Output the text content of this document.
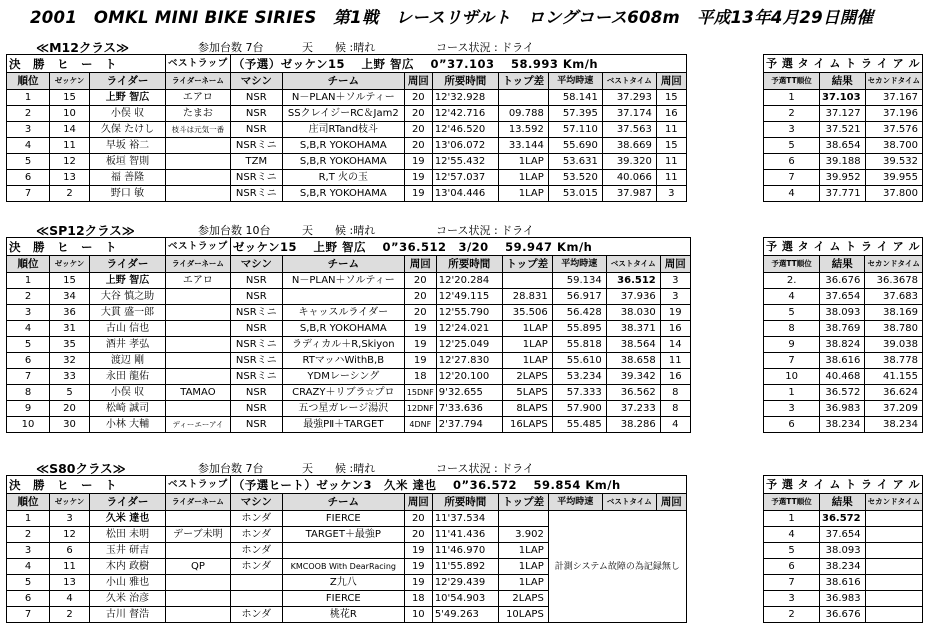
2001　OMKL MINI BIKE SIRIES　第1戦　レースリザルト　ロングコース608m　平成13年4月29日開催
≪M12クラス≫	参加台数 7台	天　　候 :晴れ	コース状況 : ドライ
決　勝　ヒ　ー　ト			ベストラップ	（予選）ゼッケン15　 上野 智広　 0”37.103　 58.993 Km/h							
順位	ゼッケン	ライダー	ライダーネーム	マシン	チーム	周回	所要時間	トップ差	平均時速	ベストタイム	周回
1	15	上野 智広	エアロ	NSR	N－PLAN＋ソルティー	20	12'32.928		58.141	37.293	15
2	10	小俣 収	たまお	NSR	SSクレイジーRC＆Jam2	20	12'42.716	09.788	57.395	37.174	16
3	14	久保 たけし	枝斗は元気一番	NSR	庄司RTand枝斗	20	12'46.520	13.592	57.110	37.563	11
4	11	早坂 裕二		NSRミニ	S,B,R YOKOHAMA	20	13'06.072	33.144	55.690	38.669	15
5	12	板垣 智則		TZM	S,B,R YOKOHAMA	19	12'55.432	1LAP	53.631	39.320	11
6	13	福 善隆		NSRミニ	R,T 火の玉	19	12'57.037	1LAP	53.520	40.066	11
7	2	野口 敏		NSRミニ	S,B,R YOKOHAMA	19	13'04.446	1LAP	53.015	37.987	3
予 選 タ イ ム ト ラ イ ア ル		
予選TT順位	結果	セカンドタイム
1	37.103	37.167
2	37.127	37.196
3	37.521	37.576
5	38.654	38.700
6	39.188	39.532
7	39.952	39.955
4	37.771	37.800
≪SP12クラス≫	参加台数 10台	天　　候 :晴れ	コース状況 : ドライ
決　勝　ヒ　ー　ト			ベストラップ	ゼッケン15　 上野 智広　 0”36.512　3/20　 59.947 Km/h							
順位	ゼッケン	ライダー	ライダーネーム	マシン	チーム	周回	所要時間	トップ差	平均時速	ベストタイム	周回
1	15	上野 智広	エアロ	NSR	N－PLAN＋ソルティー	20	12'20.284		59.134	36.512	3
2	34	大谷 慎之助		NSR		20	12'49.115	28.831	56.917	37.936	3
3	36	大貫 盛一郎		NSRミニ	キャッスルライダー	20	12'55.790	35.506	56.428	38.030	19
4	31	古山 信也		NSR	S,B,R YOKOHAMA	19	12'24.021	1LAP	55.895	38.371	16
5	35	酒井 孝弘		NSRミニ	ラディカル＋R,Skiyon	19	12'25.049	1LAP	55.818	38.564	14
6	32	渡辺 剛		NSRミニ	RTマッハWithB,B	19	12'27.830	1LAP	55.610	38.658	11
7	33	永田 龍佑		NSRミニ	YDMレーシング	18	12'20.100	2LAPS	53.234	39.342	16
8	5	小俣 収	TAMAO	NSR	CRAZY＋リブラ☆プロ	15DNF	9'32.655	5LAPS	57.333	36.562	8
9	20	松崎 誠司		NSR	五つ星ガレージ湯沢	12DNF	7'33.636	8LAPS	57.900	37.233	8
10	30	小林 大輔	ディーエーアイ	NSR	最強PⅡ＋TARGET	4DNF	2'37.794	16LAPS	55.485	38.286	4
予 選 タ イ ム ト ラ イ ア ル		
予選TT順位	結果	セカンドタイム
2.	36.676	36.3678
4	37.654	37.683
5	38.093	38.169
8	38.769	38.780
9	38.824	39.038
7	38.616	38.778
10	40.468	41.155
1	36.572	36.624
3	36.983	37.209
6	38.234	38.234
≪S80クラス≫	参加台数 7台	天　　候 :晴れ	コース状況 : ドライ
決　勝　ヒ　ー　ト			ベストラップ	（予選ヒート）ゼッケン3　久米 達也　 0”36.572　 59.854 Km/h							
順位	ゼッケン	ライダー	ライダーネーム	マシン	チーム	周回	所要時間	トップ差	平均時速	ベストタイム	周回
1	3	久米 達也		ホンダ	FIERCE	20	11'37.534		計測システム故障の為記録無し		
2	12	松田 未明	デーブ未明	ホンダ	TARGET＋最強P	20	11'41.436	3.902			
3	6	玉井 研吉		ホンダ		19	11'46.970	1LAP			
4	11	木内 政樹	QP	ホンダ	KMCOOB With DearRacing	19	11'55.892	1LAP			
5	13	小山 雅也			Z九八	19	12'29.439	1LAP			
6	4	久米 治彦			FIERCE	18	10'54.903	2LAPS			
7	2	古川 督浩		ホンダ	桃花R	10	5'49.263	10LAPS			
予 選 タ イ ム ト ラ イ ア ル		
予選TT順位	結果	セカンドタイム
1	36.572	
4	37.654	
5	38.093	
6	38.234	
7	38.616	
3	36.983	
2	36.676	
